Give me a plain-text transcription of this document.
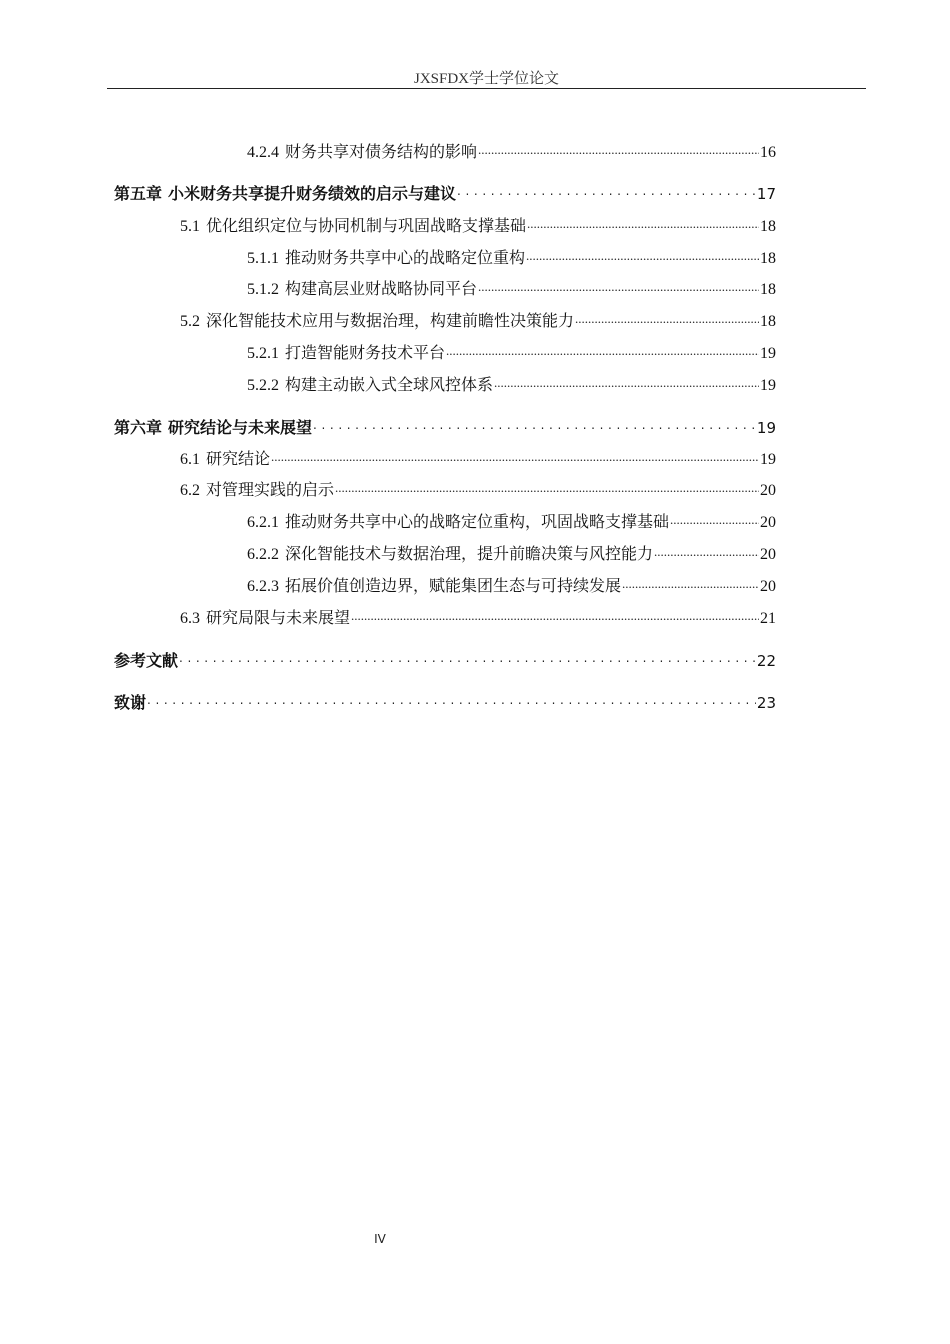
JXSFDX学士学位论文
4.2.4 财务共享对债务结构的影响 .....	16
第五章 小米财务共享提升财务绩效的启示与建议 . . .	17
5.1 优化组织定位与协同机制与巩固战略支撑基础 .....	18
5.1.1 推动财务共享中心的战略定位重构 .....	18
5.1.2 构建高层业财战略协同平台 .....	18
5.2 深化智能技术应用与数据治理，构建前瞻性决策能力 .....	18
5.2.1 打造智能财务技术平台 .....	19
5.2.2 构建主动嵌入式全球风控体系 .....	19
第六章 研究结论与未来展望 . . .	19
6.1 研究结论 .....	19
6.2 对管理实践的启示 .....	20
6.2.1 推动财务共享中心的战略定位重构，巩固战略支撑基础 .....	20
6.2.2 深化智能技术与数据治理，提升前瞻决策与风控能力 .....	20
6.2.3 拓展价值创造边界，赋能集团生态与可持续发展 .....	20
6.3 研究局限与未来展望 .....	21
参考文献 . . .	22
致谢 . . .	23
IV
